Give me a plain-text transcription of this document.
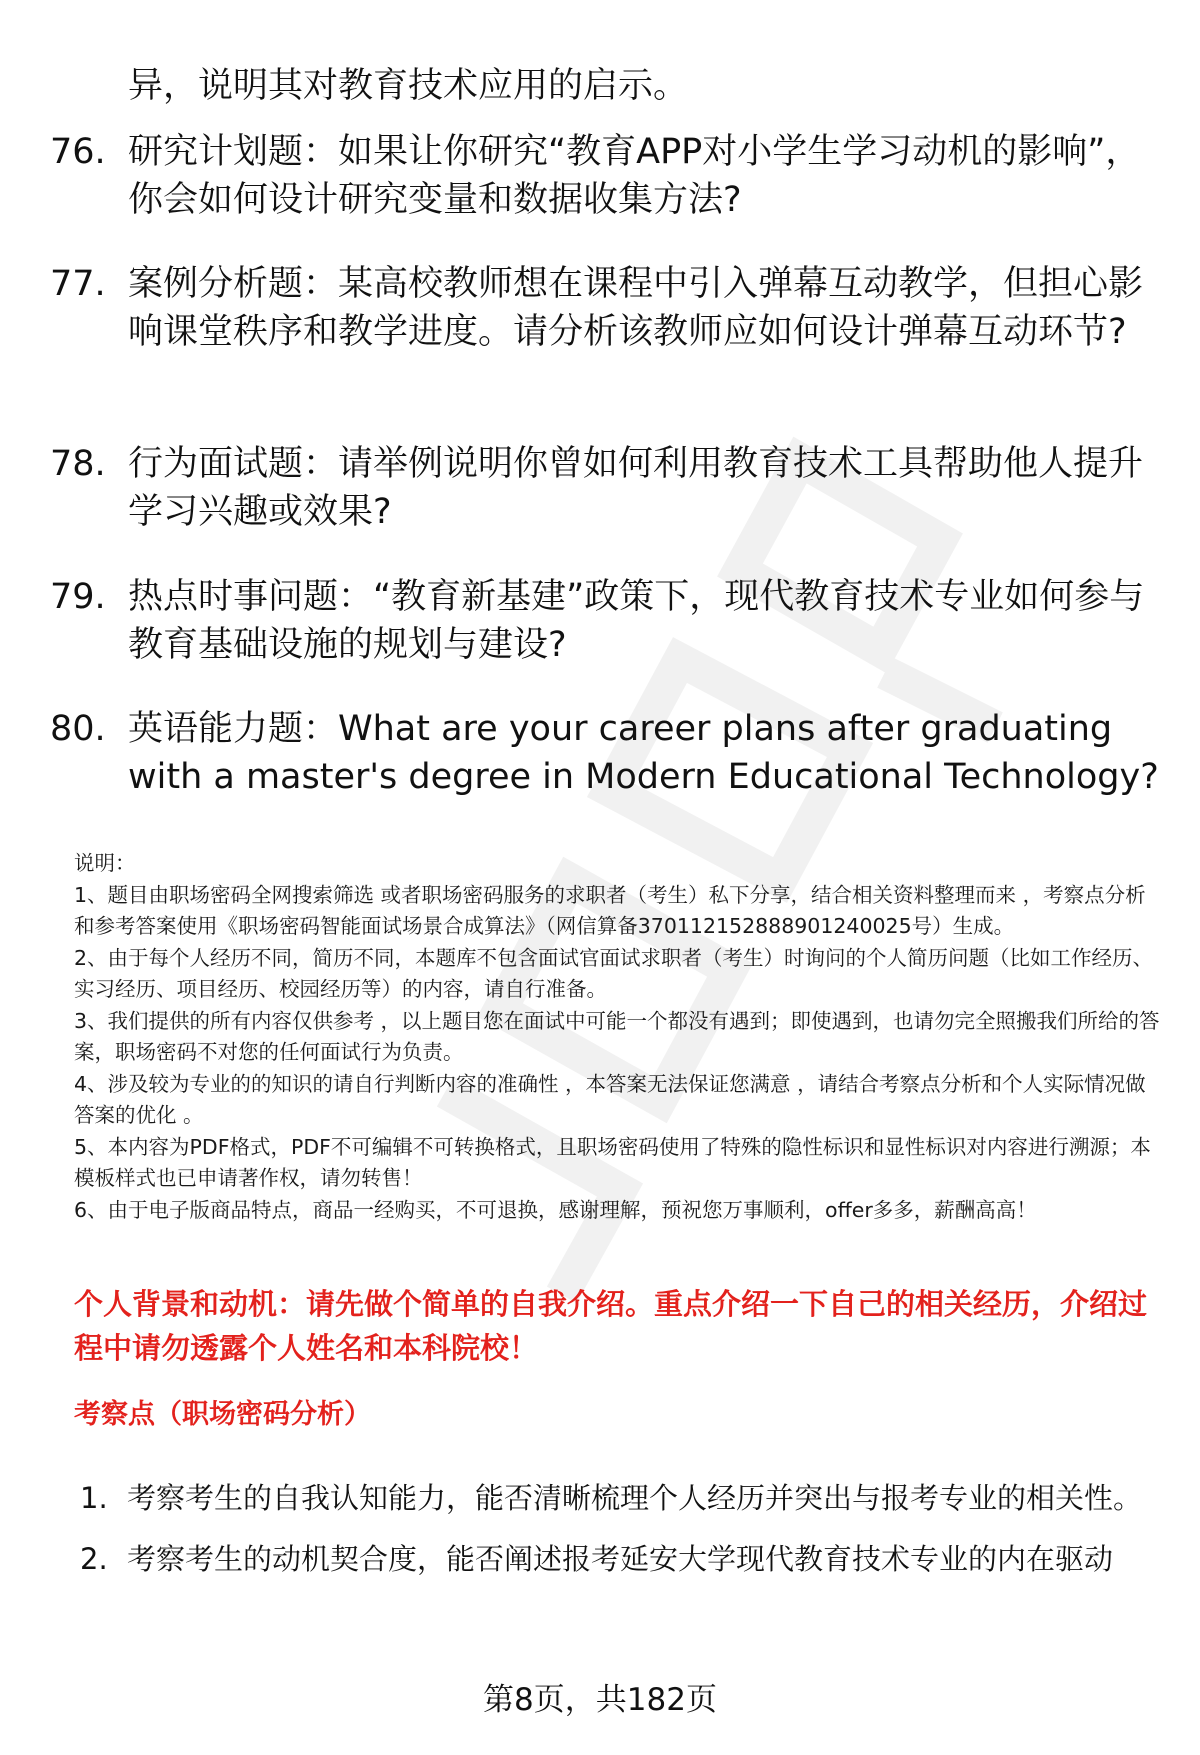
异，说明其对教育技术应用的启示。
76. 研究计划题：如果让你研究“教育APP对小学生学习动机的影响”，你会如何设计研究变量和数据收集方法?
77. 案例分析题：某高校教师想在课程中引入弹幕互动教学，但担心影响课堂秩序和教学进度。请分析该教师应如何设计弹幕互动环节?
78. 行为面试题：请举例说明你曾如何利用教育技术工具帮助他人提升学习兴趣或效果?
79. 热点时事问题：“教育新基建”政策下，现代教育技术专业如何参与教育基础设施的规划与建设?
80. 英语能力题：What are your career plans after graduating with a master's degree in Modern Educational Technology?
说明：
1、题目由职场密码全网搜索筛选 或者职场密码服务的求职者（考生）私下分享，结合相关资料整理而来 ，考察点分析和参考答案使用《职场密码智能面试场景合成算法》（网信算备370112152888901240025号）生成。
2、由于每个人经历不同，简历不同，本题库不包含面试官面试求职者（考生）时询问的个人简历问题（比如工作经历、实习经历、项目经历、校园经历等）的内容，请自行准备。
3、我们提供的所有内容仅供参考 ，以上题目您在面试中可能一个都没有遇到；即使遇到，也请勿完全照搬我们所给的答案，职场密码不对您的任何面试行为负责。
4、涉及较为专业的的知识的请自行判断内容的准确性 ，本答案无法保证您满意 ，请结合考察点分析和个人实际情况做答案的优化 。
5、本内容为PDF格式，PDF不可编辑不可转换格式，且职场密码使用了特殊的隐性标识和显性标识对内容进行溯源；本模板样式也已申请著作权，请勿转售！
6、由于电子版商品特点，商品一经购买，不可退换，感谢理解，预祝您万事顺利，offer多多，薪酬高高！
个人背景和动机：请先做个简单的自我介绍。重点介绍一下自己的相关经历，介绍过程中请勿透露个人姓名和本科院校！
考察点（职场密码分析）
1. 考察考生的自我认知能力，能否清晰梳理个人经历并突出与报考专业的相关性。
2. 考察考生的动机契合度，能否阐述报考延安大学现代教育技术专业的内在驱动
第8页，共182页
